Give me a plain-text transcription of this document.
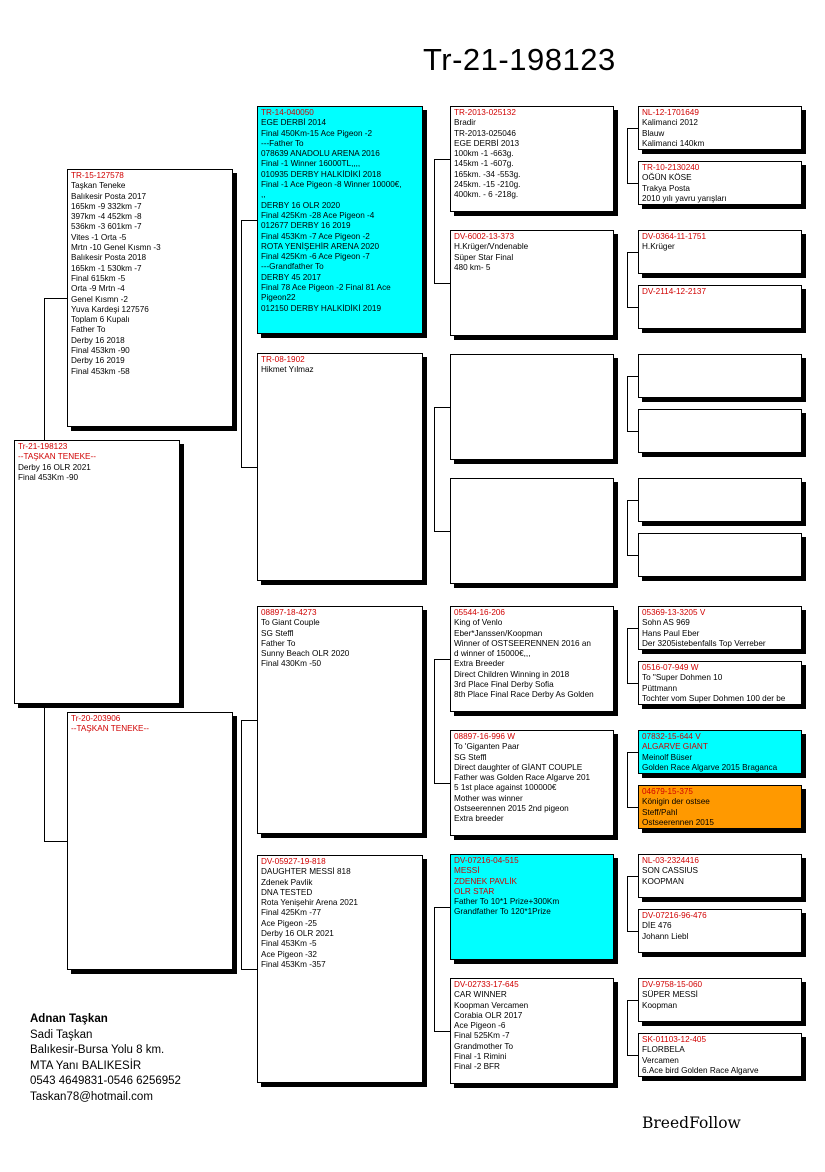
Tr-21-198123
Tr-21-198123
--TAŞKAN TENEKE--
Derby 16 OLR 2021
Final 453Km -90
TR-15-127578
Taşkan Teneke
Balıkesir Posta 2017
165km -9 332km -7
397km -4 452km -8
536km -3 601km -7
Vites -1 Orta -5
Mrtn -10 Genel Kısmn -3
Balıkesir Posta 2018
165km -1 530km -7
Final 615km -5
Orta -9 Mrtn -4
Genel Kısmn -2
Yuva Kardeşi 127576
Toplam 6 Kupalı
Father To
Derby 16 2018
Final 453km -90
Derby 16 2019
Final 453km -58
Tr-20-203906
--TAŞKAN TENEKE--
TR-14-040050
EGE DERBİ 2014
Final 450Km-15 Ace Pigeon -2
---Father To
078639 ANADOLU ARENA 2016
Final -1 Winner 16000TL,,,,
010935 DERBY HALKİDİKİ 2018
Final -1 Ace Pigeon -8 Winner 10000€,
,,
DERBY 16 OLR 2020
Final 425Km -28 Ace Pigeon -4
012677 DERBY 16 2019
Final 453Km -7 Ace Pigeon -2
ROTA YENİŞEHİR ARENA 2020
Final 425Km -6 Ace Pigeon -7
---Grandfather To
DERBY 45 2017
Final 78 Ace Pigeon -2 Final 81 Ace
Pigeon22
012150 DERBY HALKİDİKİ 2019
TR-08-1902
Hikmet Yılmaz
08897-18-4273
To Giant Couple
SG Steffl
Father To
Sunny Beach OLR 2020
Final 430Km -50
DV-05927-19-818
DAUGHTER MESSİ 818
Zdenek Pavlik
DNA TESTED
Rota Yenişehir Arena 2021
Final 425Km -77
Ace Pigeon -25
Derby 16 OLR 2021
Final 453Km -5
Ace Pigeon -32
Final 453Km -357
TR-2013-025132
Bradir
TR-2013-025046
EGE DERBİ 2013
100km -1 -663g.
145km -1 -607g.
165km. -34 -553g.
245km. -15 -210g.
400km. - 6 -218g.
DV-6002-13-373
H.Krüger/Vndenable
Süper Star Final
480 km- 5
05544-16-206
King of Venlo
Eber*Janssen/Koopman
Winner of OSTSEERENNEN 2016 an
d winner of 15000€,,,
Extra Breeder
Direct Children Winning in 2018
3rd Place Final Derby Sofia
8th Place Final Race Derby As Golden
08897-16-996 W
To 'Giganten Paar
SG Steffl
Direct daughter of GİANT COUPLE
Father was Golden Race Algarve 201
5 1st place against 100000€
Mother was winner
Ostseerennen 2015 2nd pigeon
Extra breeder
DV-07216-04-515
MESSİ
ZDENEK PAVLİK
OLR STAR
Father To 10*1 Prize+300Km
Grandfather To 120*1Prize
DV-02733-17-645
CAR WINNER
Koopman Vercamen
Corabia OLR 2017
Ace Pigeon -6
Final 525Km -7
Grandmother To
Final -1 Rimini
Final -2 BFR
NL-12-1701649
Kalimanci 2012
Blauw
Kalimanci 140km
TR-10-2130240
OĞÜN KÖSE
Trakya Posta
2010 yılı yavru yarışları
DV-0364-11-1751
H.Krüger
DV-2114-12-2137
05369-13-3205 V
Sohn AS 969
Hans Paul Eber
Der 3205istebenfalls Top Verreber
0516-07-949 W
To "Super Dohmen 10
Püttmann
Tochter vom Super Dohmen 100 der be
07832-15-644 V
ALGARVE GIANT
Meinolf Büser
Golden Race Algarve 2015 Braganca
04679-15-375
Königin der ostsee
Steff/Pahl
Ostseerennen 2015
NL-03-2324416
SON CASSIUS
KOOPMAN
DV-07216-96-476
DİE 476
Johann Liebl
DV-9758-15-060
SÜPER MESSİ
Koopman
SK-01103-12-405
FLORBELA
Vercamen
6.Ace bird Golden Race Algarve
Adnan Taşkan
Sadi Taşkan
Balıkesir-Bursa Yolu 8 km.
MTA Yanı BALIKESİR
0543 4649831-0546 6256952
Taskan78@hotmail.com
BreedFollow
